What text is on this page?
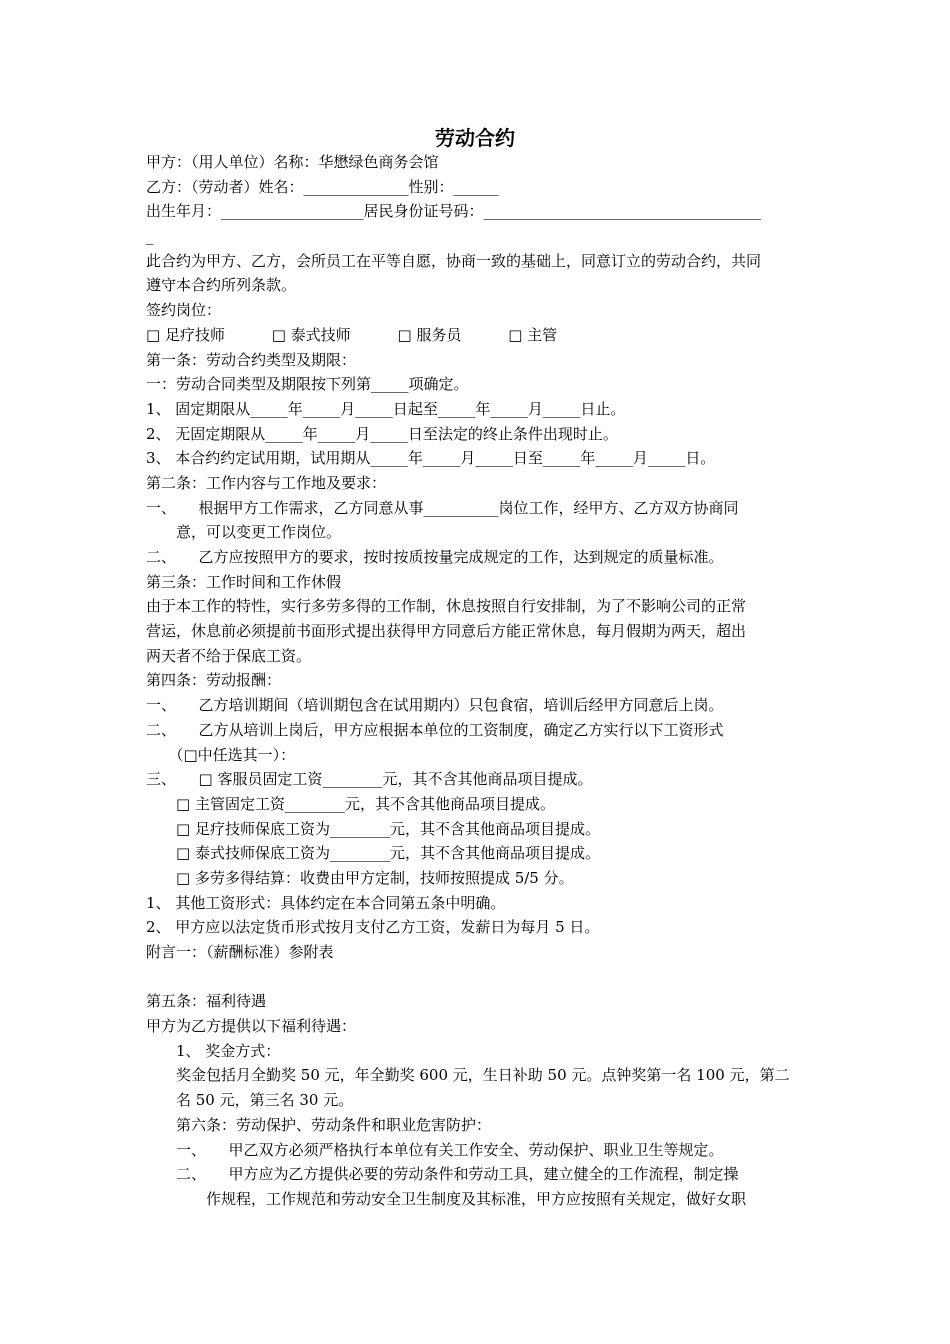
劳动合约
甲方：（用人单位）名称：华懋绿色商务会馆
乙方：（劳动者）姓名：______________性别：______
出生年月：___________________居民身份证号码：_____________________________________
_
此合约为甲方、乙方，会所员工在平等自愿，协商一致的基础上，同意订立的劳动合约，共同
遵守本合约所列条款。
签约岗位：
□ 足疗技师	□ 泰式技师	□ 服务员	□ 主管
第一条：劳动合约类型及期限：
一：劳动合同类型及期限按下列第_____项确定。
1、 固定期限从_____年_____月_____日起至_____年_____月_____日止。
2、 无固定期限从_____年_____月_____日至法定的终止条件出现时止。
3、 本合约约定试用期，试用期从_____年_____月_____日至_____年_____月_____日。
第二条：工作内容与工作地及要求：
一、　　根据甲方工作需求，乙方同意从事__________岗位工作，经甲方、乙方双方协商同
　　意，可以变更工作岗位。
二、　　乙方应按照甲方的要求，按时按质按量完成规定的工作，达到规定的质量标准。
第三条：工作时间和工作休假
由于本工作的特性，实行多劳多得的工作制，休息按照自行安排制，为了不影响公司的正常
营运，休息前必须提前书面形式提出获得甲方同意后方能正常休息，每月假期为两天，超出
两天者不给于保底工资。
第四条：劳动报酬：
一、　　乙方培训期间（培训期包含在试用期内）只包食宿，培训后经甲方同意后上岗。
二、　　乙方从培训上岗后，甲方应根据本单位的工资制度，确定乙方实行以下工资形式
　　（□中任选其一）：
三、　　□ 客服员固定工资________元，其不含其他商品项目提成。
　　□ 主管固定工资________元，其不含其他商品项目提成。
　　□ 足疗技师保底工资为________元，其不含其他商品项目提成。
　　□ 泰式技师保底工资为________元，其不含其他商品项目提成。
　　□ 多劳多得结算：收费由甲方定制，技师按照提成 5/5 分。
1、 其他工资形式：具体约定在本合同第五条中明确。
2、 甲方应以法定货币形式按月支付乙方工资，发薪日为每月 5 日。
附言一：（薪酬标准）参附表
第五条：福利待遇
甲方为乙方提供以下福利待遇：
　　1、 奖金方式：
　　奖金包括月全勤奖 50 元，年全勤奖 600 元，生日补助 50 元。点钟奖第一名 100 元，第二
　　名 50 元，第三名 30 元。
　　第六条：劳动保护、劳动条件和职业危害防护：
　　一、　　甲乙双方必须严格执行本单位有关工作安全、劳动保护、职业卫生等规定。
　　二、　　甲方应为乙方提供必要的劳动条件和劳动工具，建立健全的工作流程，制定操
　　　　作规程，工作规范和劳动安全卫生制度及其标准，甲方应按照有关规定，做好女职
